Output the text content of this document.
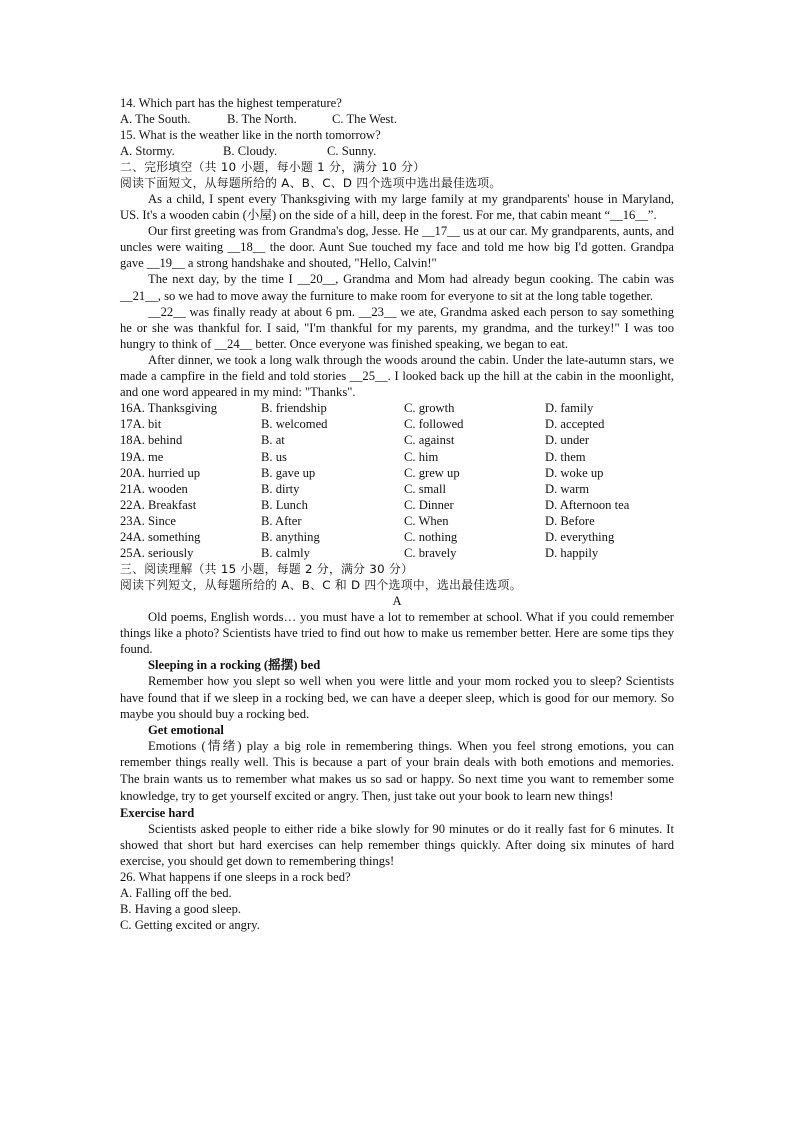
14. Which part has the highest temperature?
A. The South.	B. The North.	C. The West.
15. What is the weather like in the north tomorrow?
A. Stormy.	B. Cloudy.	C. Sunny.
二、完形填空（共 10 小题，每小题 1 分，满分 10 分）
阅读下面短文，从每题所给的 A、B、C、D 四个选项中选出最佳选项。

As a child, I spent every Thanksgiving with my large family at my grandparents' house in Maryland, US. It's a wooden cabin (小屋) on the side of a hill, deep in the forest. For me, that cabin meant “__16__”.

Our first greeting was from Grandma's dog, Jesse. He __17__ us at our car. My grandparents, aunts, and uncles were waiting __18__ the door. Aunt Sue touched my face and told me how big I'd gotten. Grandpa gave __19__ a strong handshake and shouted, "Hello, Calvin!"

The next day, by the time I __20__, Grandma and Mom had already begun cooking. The cabin was __21__, so we had to move away the furniture to make room for everyone to sit at the long table together.

__22__ was finally ready at about 6 pm. __23__ we ate, Grandma asked each person to say something he or she was thankful for. I said, "I'm thankful for my parents, my grandma, and the turkey!" I was too hungry to think of __24__ better. Once everyone was finished speaking, we began to eat.

After dinner, we took a long walk through the woods around the cabin. Under the late-autumn stars, we made a campfire in the field and told stories __25__. I looked back up the hill at the cabin in the moonlight, and one word appeared in my mind: "Thanks".

16A. Thanksgiving	B. friendship	C. growth	D. family
17A. bit	B. welcomed	C. followed	D. accepted
18A. behind	B. at	C. against	D. under
19A. me	B. us	C. him	D. them
20A. hurried up	B. gave up	C. grew up	D. woke up
21A. wooden	B. dirty	C. small	D. warm
22A. Breakfast	B. Lunch	C. Dinner	D. Afternoon tea
23A. Since	B. After	C. When	D. Before
24A. something	B. anything	C. nothing	D. everything
25A. seriously	B. calmly	C. bravely	D. happily
三、阅读理解（共 15 小题，每题 2 分，满分 30 分）
阅读下列短文，从每题所给的 A、B、C 和 D 四个选项中，选出最佳选项。
A

Old poems, English words… you must have a lot to remember at school. What if you could remember things like a photo? Scientists have tried to find out how to make us remember better. Here are some tips they found.

Sleeping in a rocking (摇摆) bed

Remember how you slept so well when you were little and your mom rocked you to sleep? Scientists have found that if we sleep in a rocking bed, we can have a deeper sleep, which is good for our memory. So maybe you should buy a rocking bed.

Get emotional

Emotions (情绪) play a big role in remembering things. When you feel strong emotions, you can remember things really well. This is because a part of your brain deals with both emotions and memories. The brain wants us to remember what makes us so sad or happy. So next time you want to remember some knowledge, try to get yourself excited or angry. Then, just take out your book to learn new things!

Exercise hard

Scientists asked people to either ride a bike slowly for 90 minutes or do it really fast for 6 minutes. It showed that short but hard exercises can help remember things quickly. After doing six minutes of hard exercise, you should get down to remembering things!

26. What happens if one sleeps in a rock bed?
A. Falling off the bed.
B. Having a good sleep.
C. Getting excited or angry.
